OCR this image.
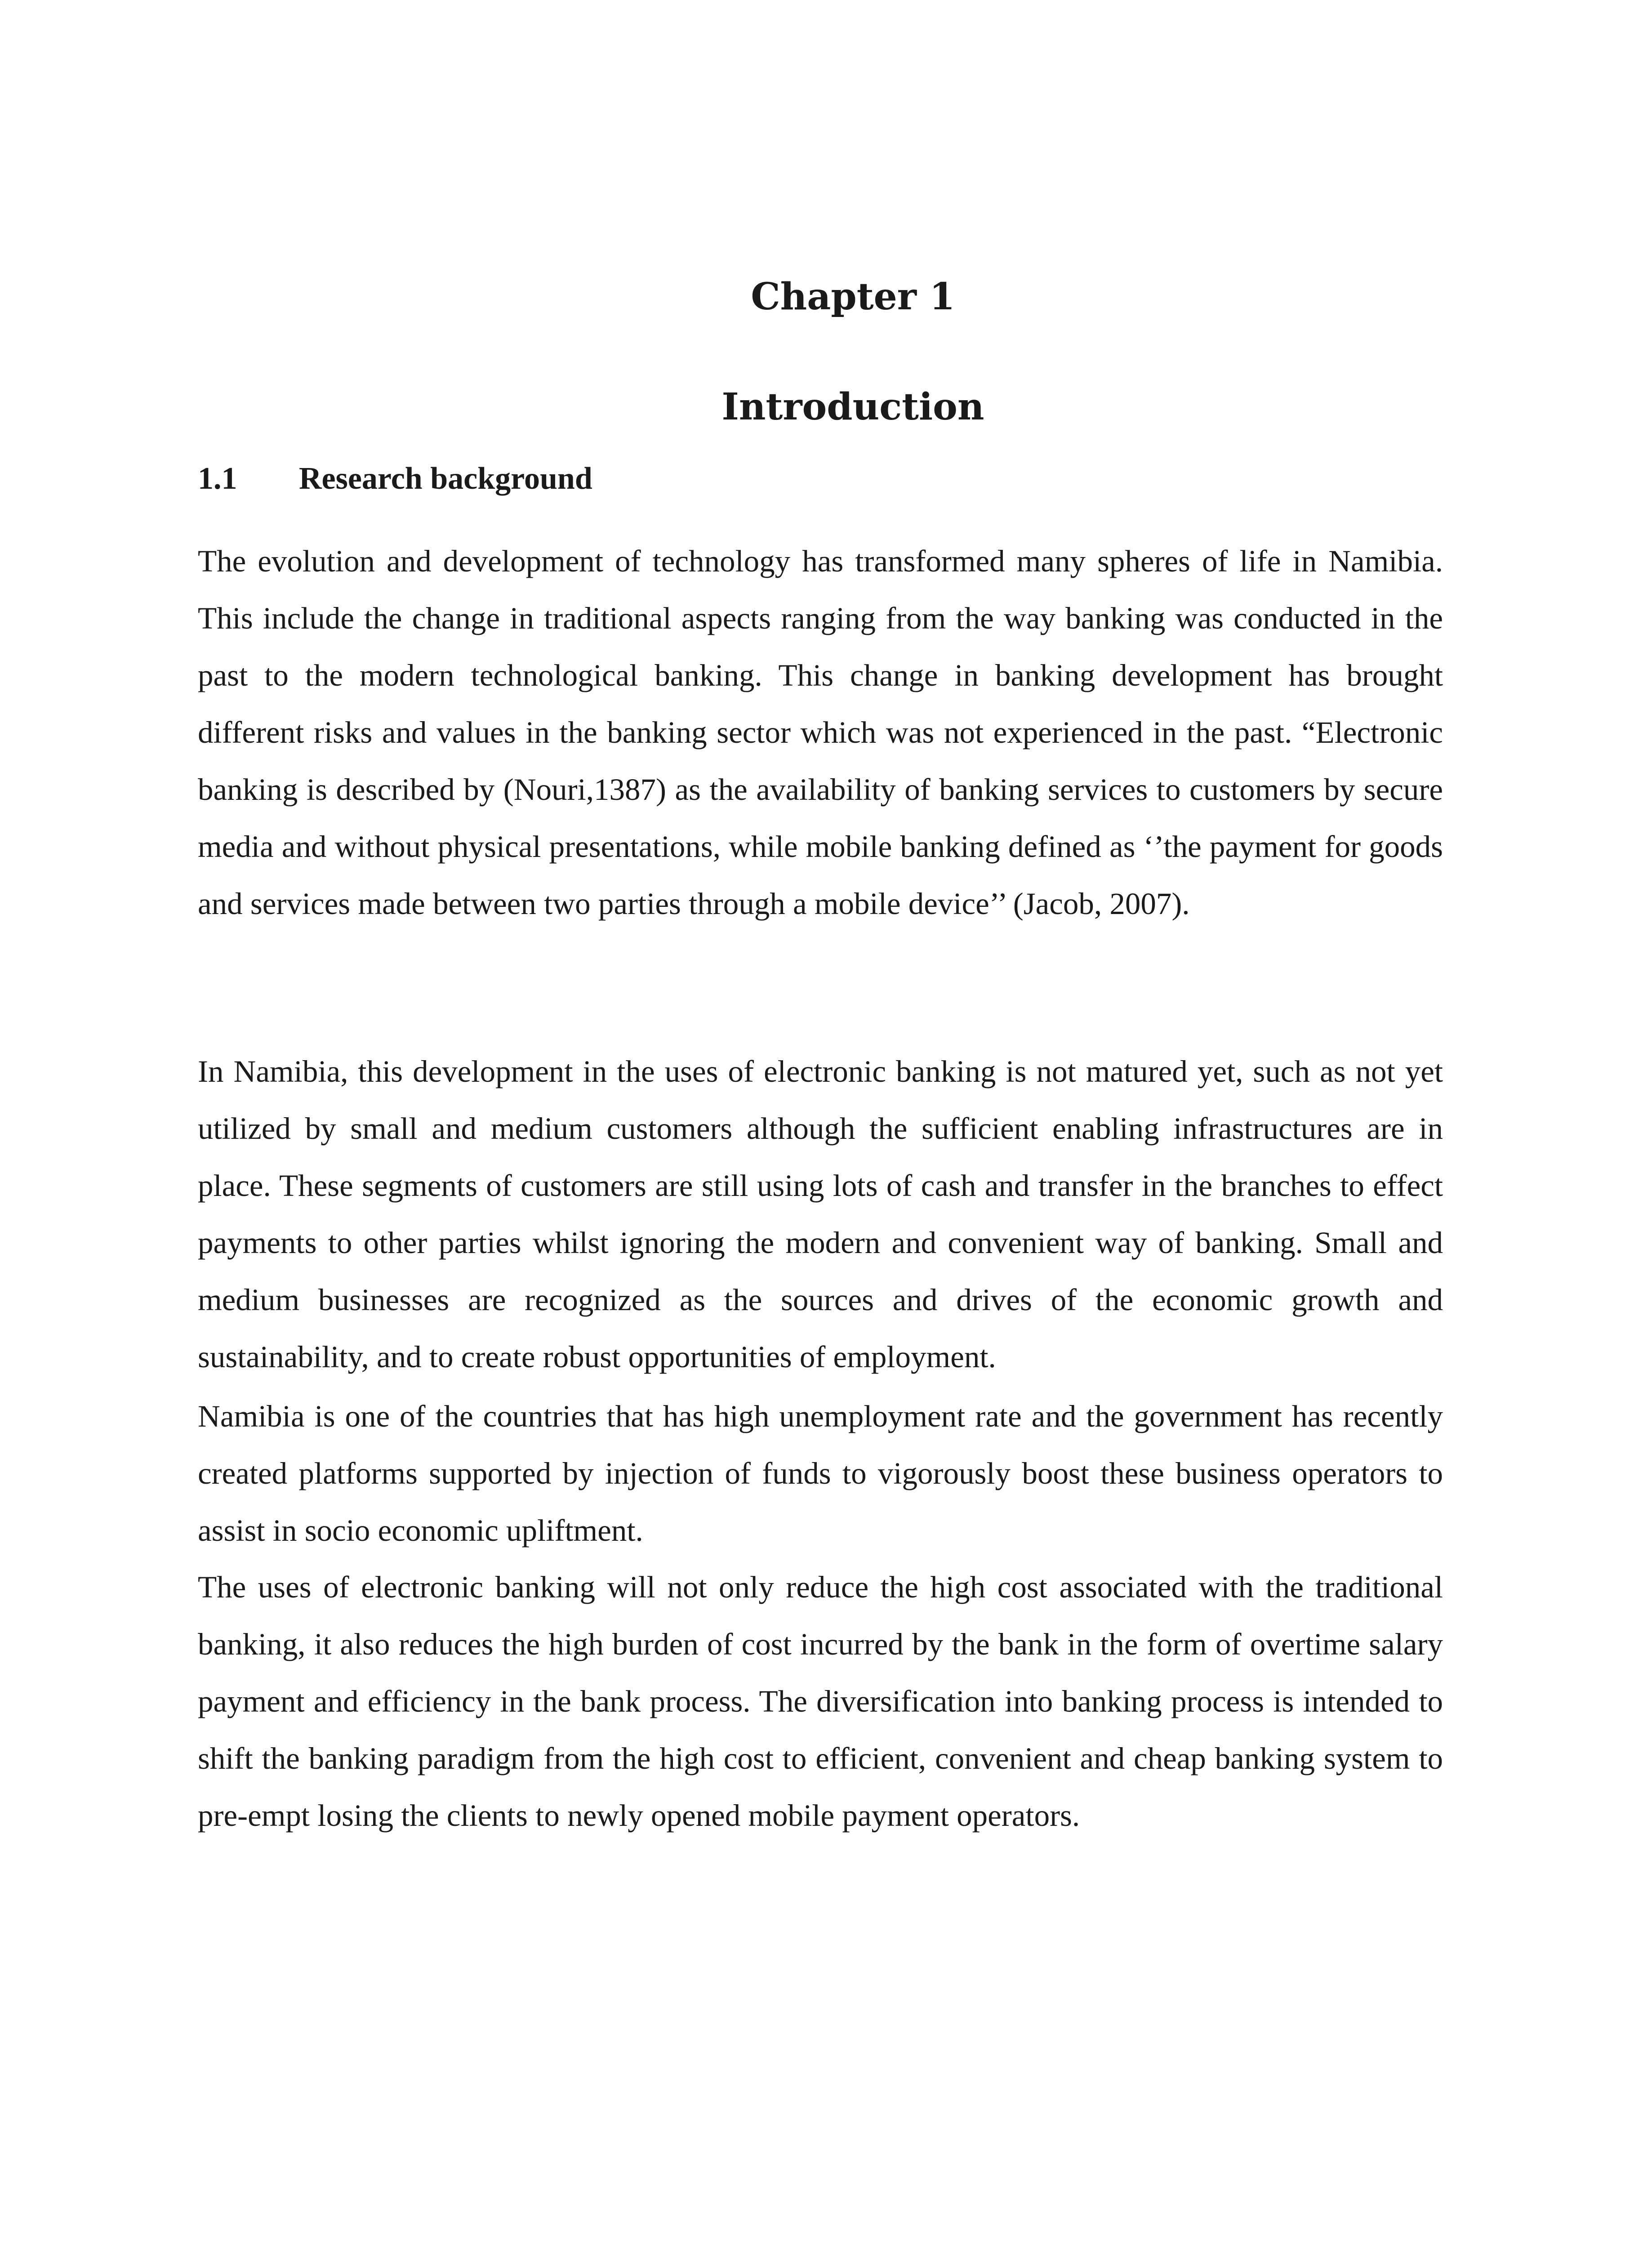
Chapter 1
Introduction
1.1 Research background

The evolution and development of technology has transformed many spheres of life in Namibia. This include the change in traditional aspects ranging from the way banking was conducted in the past to the modern technological banking. This change in banking development has brought different risks and values in the banking sector which was not experienced in the past. “Electronic banking is described by (Nouri,1387) as the availability of banking services to customers by secure media and without physical presentations, while mobile banking defined as ‘’the payment for goods and services made between two parties through a mobile device’’ (Jacob, 2007).

In Namibia, this development in the uses of electronic banking is not matured yet, such as not yet utilized by small and medium customers although the sufficient enabling infrastructures are in place. These segments of customers are still using lots of cash and transfer in the branches to effect payments to other parties whilst ignoring the modern and convenient way of banking. Small and medium businesses are recognized as the sources and drives of the economic growth and sustainability, and to create robust opportunities of employment.

Namibia is one of the countries that has high unemployment rate and the government has recently created platforms supported by injection of funds to vigorously boost these business operators to assist in socio economic upliftment.

The uses of electronic banking will not only reduce the high cost associated with the traditional banking, it also reduces the high burden of cost incurred by the bank in the form of overtime salary payment and efficiency in the bank process. The diversification into banking process is intended to shift the banking paradigm from the high cost to efficient, convenient and cheap banking system to pre-empt losing the clients to newly opened mobile payment operators.
